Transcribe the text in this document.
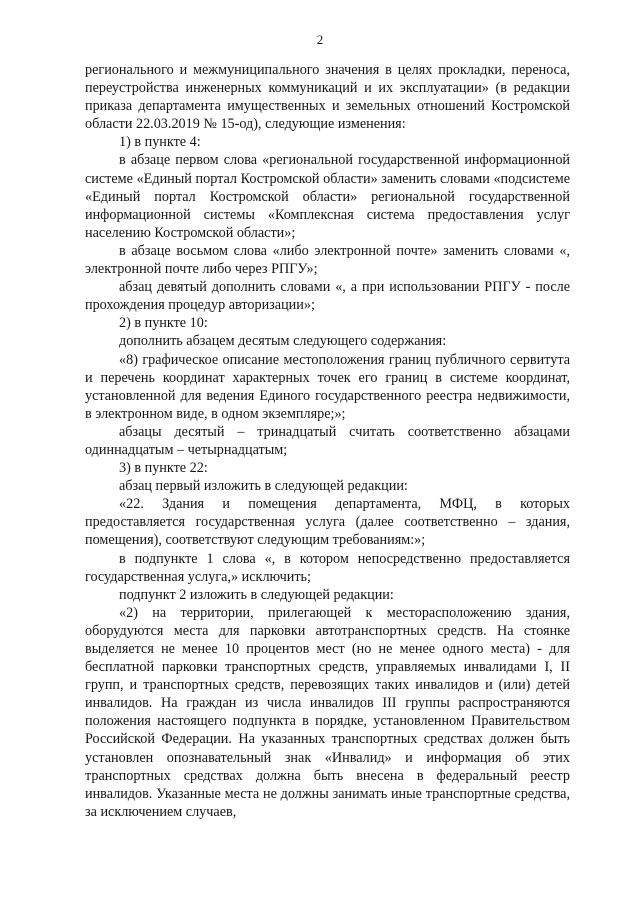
2

регионального и межмуниципального значения в целях прокладки, переноса, переустройства инженерных коммуникаций и их эксплуатации» (в редакции приказа департамента имущественных и земельных отношений Костромской области 22.03.2019 № 15-од), следующие изменения:

1) в пункте 4:

в абзаце первом слова «региональной государственной информационной системе «Единый портал Костромской области» заменить словами «подсистеме «Единый портал Костромской области» региональной государственной информационной системы «Комплексная система предоставления услуг населению Костромской области»;

в абзаце восьмом слова «либо электронной почте» заменить словами «, электронной почте либо через РПГУ»;

абзац девятый дополнить словами «, а при использовании РПГУ - после прохождения процедур авторизации»;

2) в пункте 10:

дополнить абзацем десятым следующего содержания:

«8) графическое описание местоположения границ публичного сервитута и перечень координат характерных точек его границ в системе координат, установленной для ведения Единого государственного реестра недвижимости, в электронном виде, в одном экземпляре;»;

абзацы десятый – тринадцатый считать соответственно абзацами одиннадцатым – четырнадцатым;

3) в пункте 22:

абзац первый изложить в следующей редакции:

«22. Здания и помещения департамента, МФЦ, в которых предоставляется государственная услуга (далее соответственно – здания, помещения), соответствуют следующим требованиям:»;

в подпункте 1 слова «, в котором непосредственно предоставляется государственная услуга,» исключить;

подпункт 2 изложить в следующей редакции:

«2) на территории, прилегающей к месторасположению здания, оборудуются места для парковки автотранспортных средств. На стоянке выделяется не менее 10 процентов мест (но не менее одного места) - для бесплатной парковки транспортных средств, управляемых инвалидами I, II групп, и транспортных средств, перевозящих таких инвалидов и (или) детей инвалидов. На граждан из числа инвалидов III группы распространяются положения настоящего подпункта в порядке, установленном Правительством Российской Федерации. На указанных транспортных средствах должен быть установлен опознавательный знак «Инвалид» и информация об этих транспортных средствах должна быть внесена в федеральный реестр инвалидов. Указанные места не должны занимать иные транспортные средства, за исключением случаев,
